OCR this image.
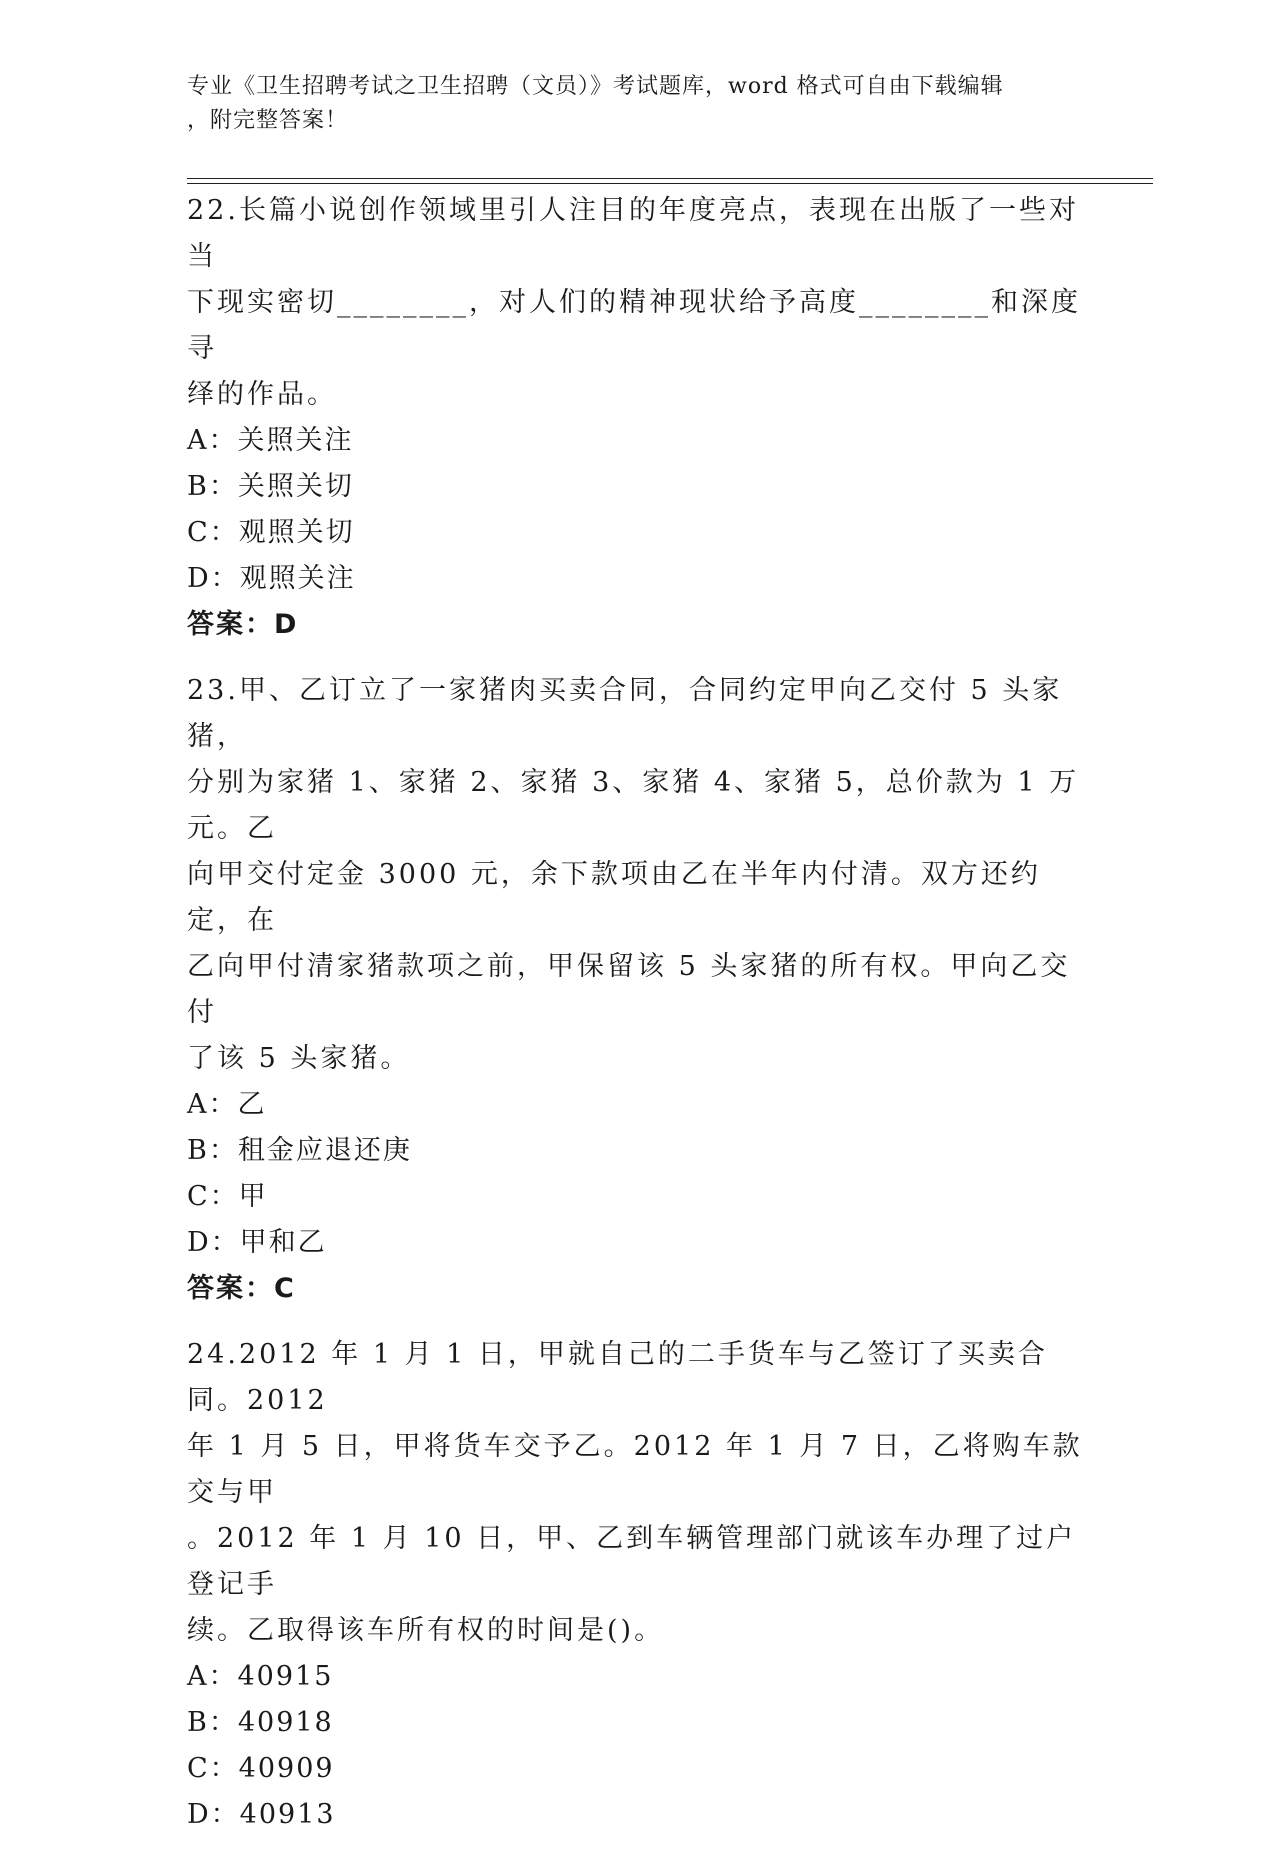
专业《卫生招聘考试之卫生招聘（文员）》考试题库，word 格式可自由下载编辑
，附完整答案！

22.长篇小说创作领域里引人注目的年度亮点，表现在出版了一些对当

下现实密切________，对人们的精神现状给予高度________和深度寻

绎的作品。

A：关照关注

B：关照关切

C：观照关切

D：观照关注

答案：D

23.甲、乙订立了一家猪肉买卖合同，合同约定甲向乙交付 5 头家猪，

分别为家猪 1、家猪 2、家猪 3、家猪 4、家猪 5，总价款为 1 万元。乙

向甲交付定金 3000 元，余下款项由乙在半年内付清。双方还约定，在

乙向甲付清家猪款项之前，甲保留该 5 头家猪的所有权。甲向乙交付

了该 5 头家猪。

A：乙

B：租金应退还庚

C：甲

D：甲和乙

答案：C

24.2012 年 1 月 1 日，甲就自己的二手货车与乙签订了买卖合同。2012

年 1 月 5 日，甲将货车交予乙。2012 年 1 月 7 日，乙将购车款交与甲

。2012 年 1 月 10 日，甲、乙到车辆管理部门就该车办理了过户登记手

续。乙取得该车所有权的时间是()。

A：40915

B：40918

C：40909

D：40913
